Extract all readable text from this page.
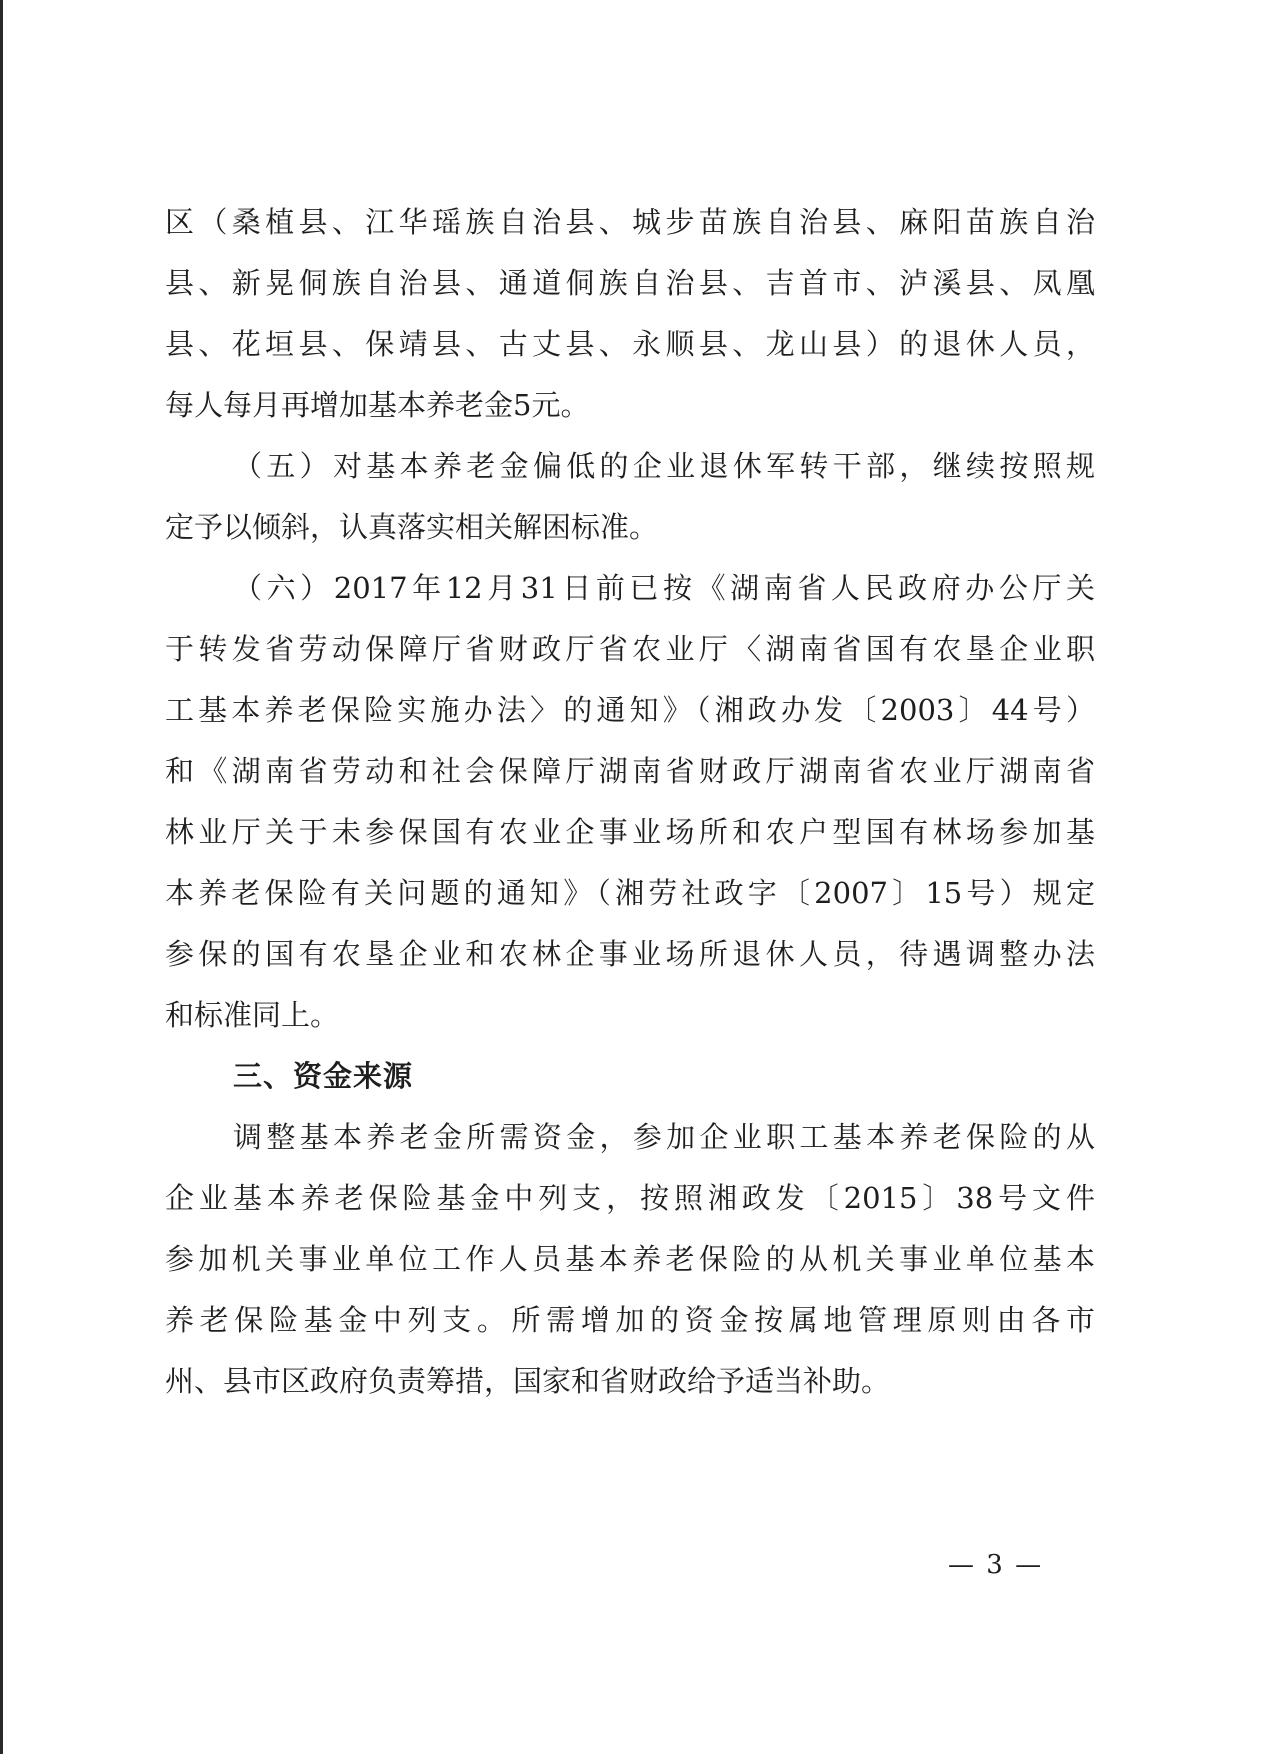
区（桑植县、江华瑶族自治县、城步苗族自治县、麻阳苗族自治
县、新晃侗族自治县、通道侗族自治县、吉首市、泸溪县、凤凰
县、花垣县、保靖县、古丈县、永顺县、龙山县）的退休人员，
每人每月再增加基本养老金5元。
（五）对基本养老金偏低的企业退休军转干部，继续按照规
定予以倾斜，认真落实相关解困标准。
（六）2017年12月31日前已按《湖南省人民政府办公厅关
于转发省劳动保障厅省财政厅省农业厅〈湖南省国有农垦企业职
工基本养老保险实施办法〉的通知》（湘政办发〔2003〕44号）
和《湖南省劳动和社会保障厅湖南省财政厅湖南省农业厅湖南省
林业厅关于未参保国有农业企事业场所和农户型国有林场参加基
本养老保险有关问题的通知》（湘劳社政字〔2007〕15号）规定
参保的国有农垦企业和农林企事业场所退休人员，待遇调整办法
和标准同上。
三、资金来源
调整基本养老金所需资金，参加企业职工基本养老保险的从
企业基本养老保险基金中列支，按照湘政发〔2015〕38号文件
参加机关事业单位工作人员基本养老保险的从机关事业单位基本
养老保险基金中列支。所需增加的资金按属地管理原则由各市
州、县市区政府负责筹措，国家和省财政给予适当补助。
— 3 —
